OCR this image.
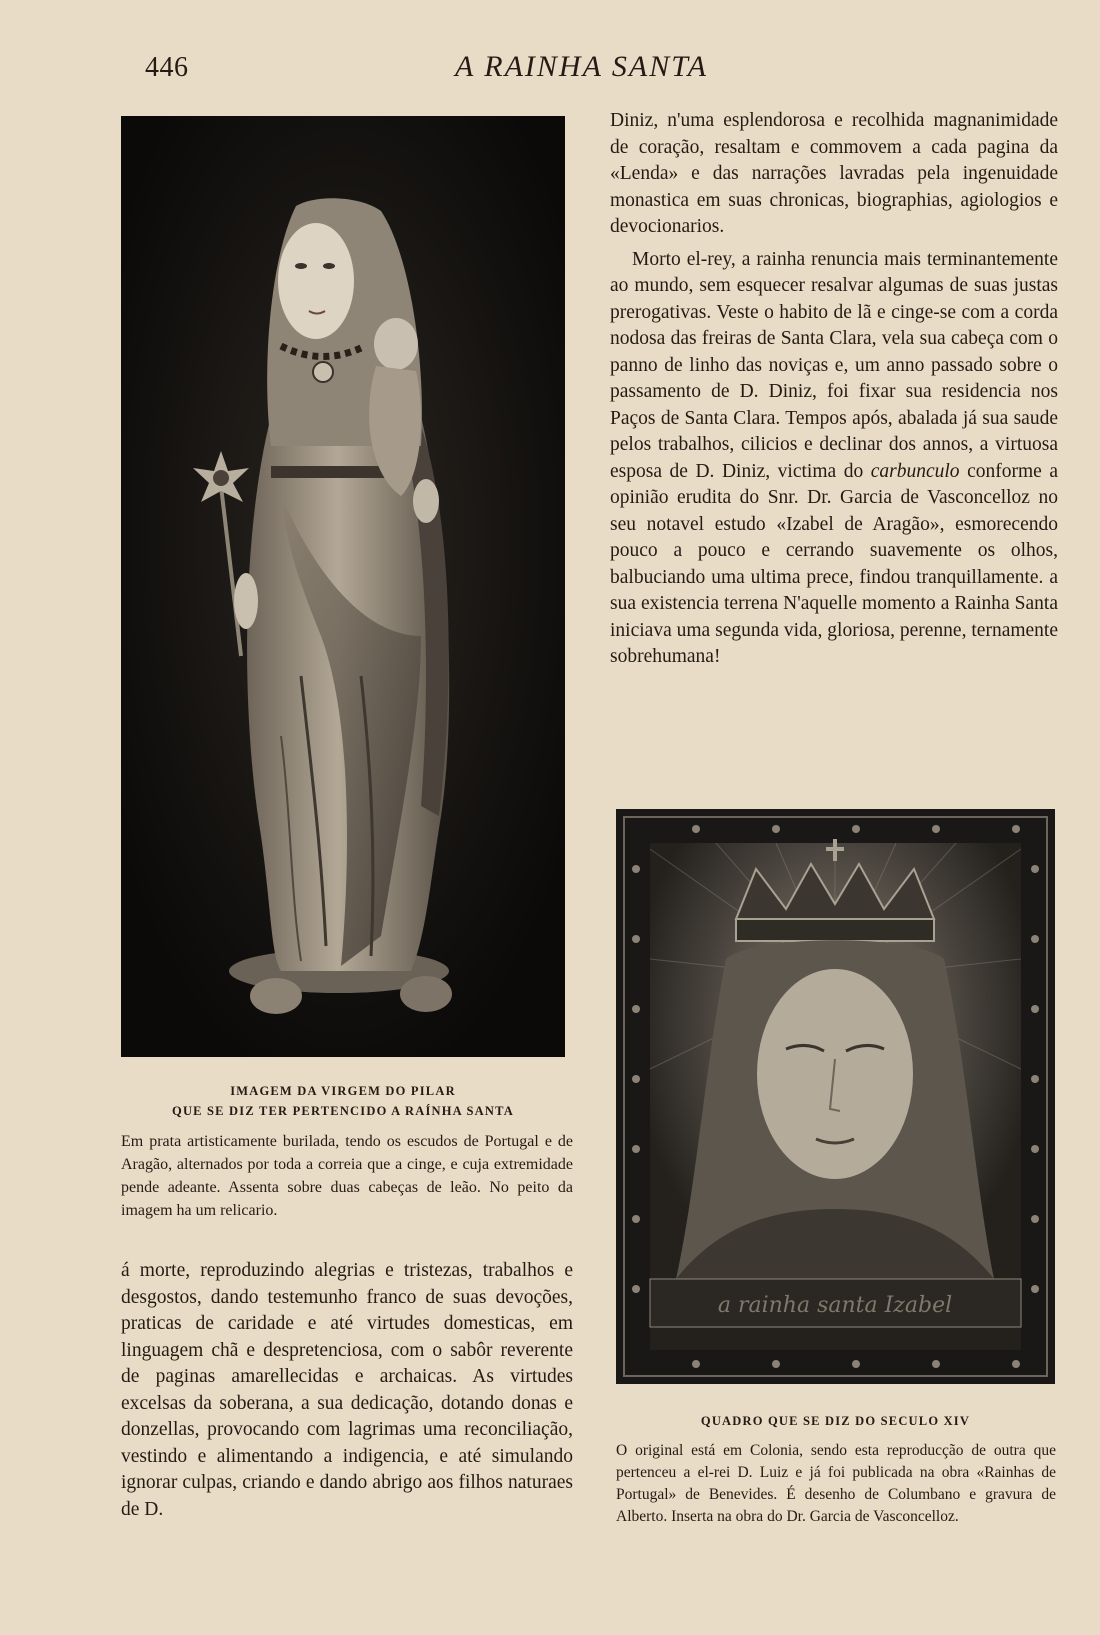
446	A RAINHA SANTA
IMAGEM DA VIRGEM DO PILAR
QUE SE DIZ TER PERTENCIDO A RAÍNHA SANTA
Em prata artisticamente burilada, tendo os escudos de Portugal e de Aragão, alternados por toda a correia que a cinge, e cuja extremidade pende adeante. Assenta sobre duas cabeças de leão. No peito da imagem ha um relicario.
á morte, reproduzindo alegrias e tristezas, trabalhos e desgostos, dando testemunho franco de suas devoções, praticas de caridade e até virtudes domesticas, em linguagem chã e despretenciosa, com o sabôr reverente de paginas amarellecidas e archaicas. As virtudes excelsas da soberana, a sua dedicação, dotando donas e donzellas, provocando com lagrimas uma reconciliação, vestindo e alimentando a indigencia, e até simulando ignorar culpas, criando e dando abrigo aos filhos naturaes de D.

Diniz, n'uma esplendorosa e recolhida magnanimidade de coração, resaltam e commovem a cada pagina da «Lenda» e das narrações lavradas pela ingenuidade monastica em suas chronicas, biographias, agiologios e devocionarios.

Morto el-rey, a rainha renuncia mais terminantemente ao mundo, sem esquecer resalvar algumas de suas justas prerogativas. Veste o habito de lã e cinge-se com a corda nodosa das freiras de Santa Clara, vela sua cabeça com o panno de linho das noviças e, um anno passado sobre o passamento de D. Diniz, foi fixar sua residencia nos Paços de Santa Clara. Tempos após, abalada já sua saude pelos trabalhos, cilicios e declinar dos annos, a virtuosa esposa de D. Diniz, victima do carbunculo conforme a opinião erudita do Snr. Dr. Garcia de Vasconcelloz no seu notavel estudo «Izabel de Aragão», esmorecendo pouco a pouco e cerrando suavemente os olhos, balbuciando uma ultima prece, findou tranquillamente. a sua existencia terrena N'aquelle momento a Rainha Santa iniciava uma segunda vida, gloriosa, perenne, ternamente sobrehumana!

a rainha santa Izabel
QUADRO QUE SE DIZ DO SECULO XIV
O original está em Colonia, sendo esta reproducção de outra que pertenceu a el-rei D. Luiz e já foi publicada na obra «Rainhas de Portugal» de Benevides. É desenho de Columbano e gravura de Alberto. Inserta na obra do Dr. Garcia de Vasconcelloz.
